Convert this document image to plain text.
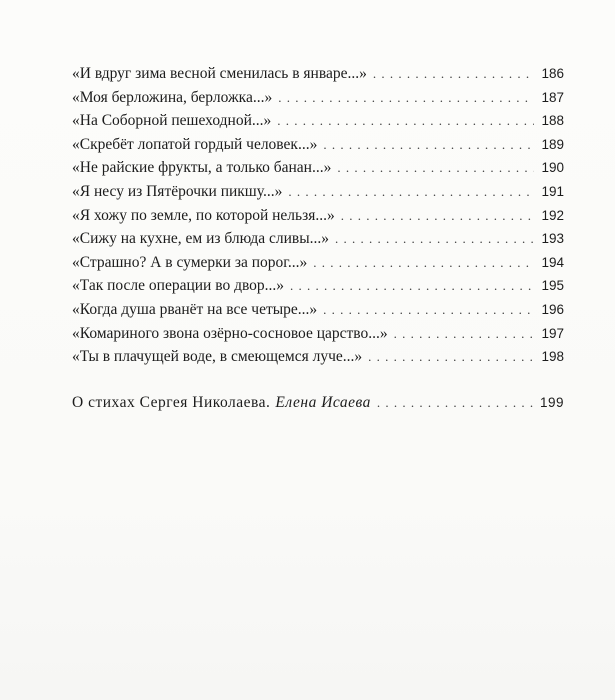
«И вдруг зима весной сменилась в январе...» . . .	186
«Моя берложина, берложка...» . . .	187
«На Соборной пешеходной...» . . .	188
«Скребёт лопатой гордый человек...» . . .	189
«Не райские фрукты, а только банан...» . . .	190
«Я несу из Пятёрочки пикшу...» . . .	191
«Я хожу по земле, по которой нельзя...» . . .	192
«Сижу на кухне, ем из блюда сливы...» . . .	193
«Страшно? А в сумерки за порог...» . . .	194
«Так после операции во двор...» . . .	195
«Когда душа рванёт на все четыре...» . . .	196
«Комариного звона озёрно-сосновое царство...» . . .	197
«Ты в плачущей воде, в смеющемся луче...» . . .	198
О стихах Сергея Николаева. Елена Исаева . . .	199
